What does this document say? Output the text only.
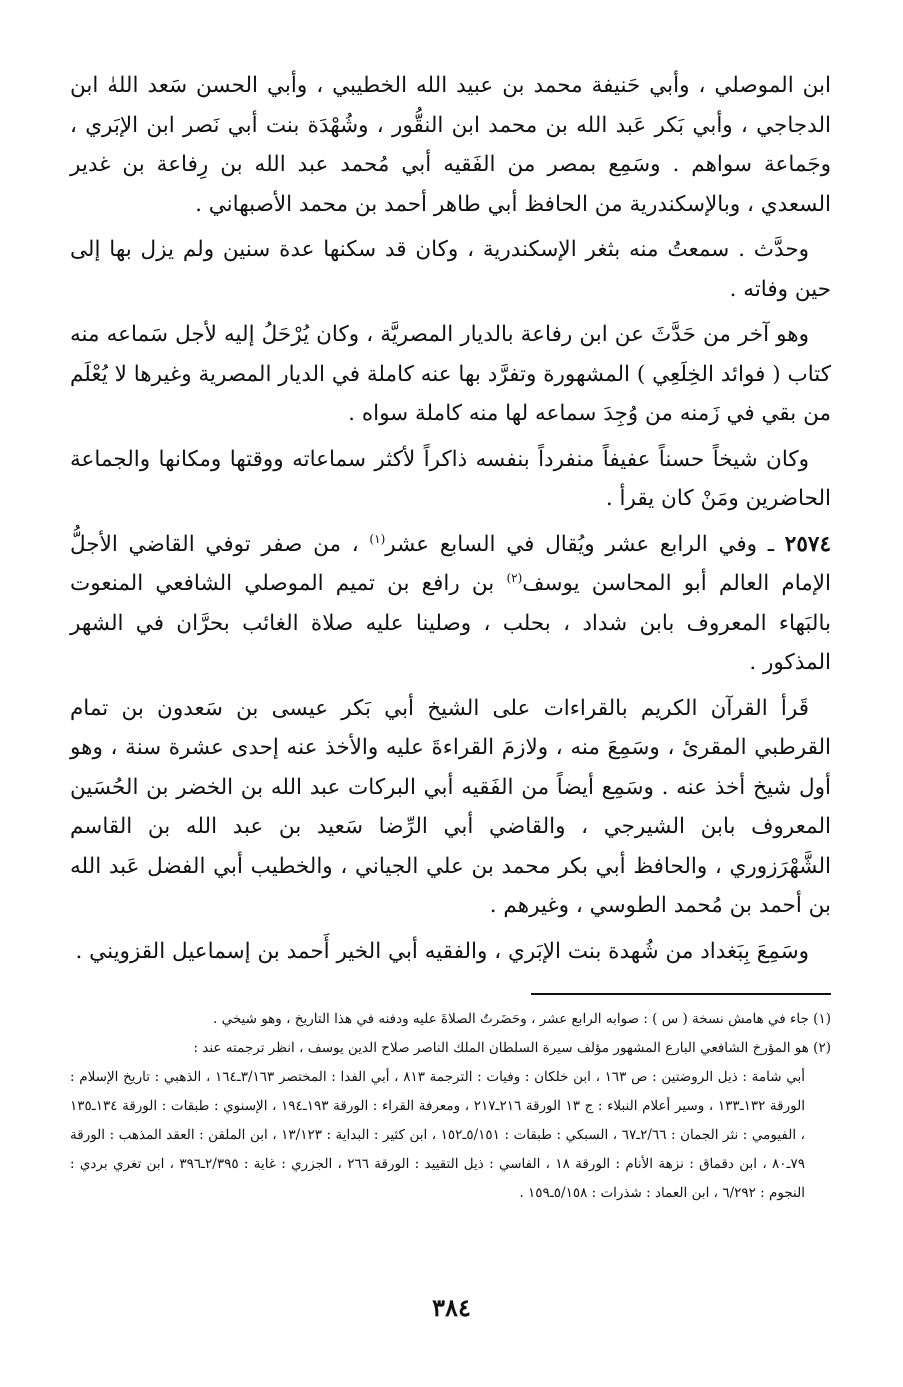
ابن الموصلي ، وأبي حَنيفة محمد بن عبيد الله الخطيبي ، وأبي الحسن سَعد اللهٰ ابن الدجاجي ، وأبي بَكر عَبد الله بن محمد ابن النقُّور ، وشُهْدَة بنت أبي نَصر ابن الإبَري ، وجَماعة سواهم . وسَمِع بمصر من الفَقيه أبي مُحمد عبد الله بن رِفاعة بن غدير السعدي ، وبالإسكندرية من الحافظ أبي طاهر أحمد بن محمد الأصبهاني .

وحدَّث . سمعتُ منه بثغر الإسكندرية ، وكان قد سكنها عدة سنين ولم يزل بها إلى حين وفاته .

وهو آخر من حَدَّثَ عن ابن رفاعة بالديار المصريَّة ، وكان يُرْحَلُ إليه لأجل سَماعه منه كتاب ( فوائد الخِلَعِي ) المشهورة وتفرَّد بها عنه كاملة في الديار المصرية وغيرها لا يُعْلَم من بقي في زَمنه من وُجِدَ سماعه لها منه كاملة سواه .

وكان شيخاً حسناً عفيفاً منفرداً بنفسه ذاكراً لأكثر سماعاته ووقتها ومكانها والجماعة الحاضرين ومَنْ كان يقرأ .

٢٥٧٤ ـ وفي الرابع عشر ويُقال في السابع عشر$^{(١)}$ ، من صفر توفي القاضي الأجلُّ الإمام العالم أبو المحاسن يوسف$^{(٢)}$ بن رافع بن تميم الموصلي الشافعي المنعوت بالبَهاء المعروف بابن شداد ، بحلب ، وصلينا عليه صلاة الغائب بحرَّان في الشهر المذكور .

قَرأ القرآن الكريم بالقراءات على الشيخ أبي بَكر عيسى بن سَعدون بن تمام القرطبي المقرئ ، وسَمِعَ منه ، ولازمَ القراءةَ عليه والأخذ عنه إحدى عشرة سنة ، وهو أول شيخ أخذ عنه . وسَمِع أيضاً من الفَقيه أبي البركات عبد الله بن الخضر بن الحُسَين المعروف بابن الشيرجي ، والقاضي أبي الرِّضا سَعيد بن عبد الله بن القاسم الشَّهْرَزوري ، والحافظ أبي بكر محمد بن علي الجياني ، والخطيب أبي الفضل عَبد الله بن أحمد بن مُحمد الطوسي ، وغيرهم .

وسَمِعَ بِبَغداد من شُهدة بنت الإبَري ، والفقيه أبي الخير أَحمد بن إسماعيل القزويني .

(١) جاء في هامش نسخة ( س ) : صوابه الرابع عشر ، وحَضَرتُ الصلاةَ عليه ودفنه في هذا التاريخ ، وهو شيخي .

(٢) هو المؤرخ الشافعي البارع المشهور مؤلف سيرة السلطان الملك الناصر صلاح الدين يوسف ، انظر ترجمته عند :

أبي شامة : ذيل الروضتين : ص ١٦٣ ، ابن خلكان : وفيات : الترجمة ٨١٣ ، أبي الفدا : المختصر ٣/١٦٣ـ١٦٤ ، الذهبي : تاريخ الإسلام : الورقة ١٣٢ـ١٣٣ ، وسير أعلام النبلاء : ج ١٣ الورقة ٢١٦ـ٢١٧ ، ومعرفة القراء : الورقة ١٩٣ـ١٩٤ ، الإسنوي : طبقات : الورقة ١٣٤ـ١٣٥ ، الفيومي : نثر الجمان : ٢/٦٦ـ٦٧ ، السبكي : طبقات : ٥/١٥١ـ١٥٢ ، ابن كثير : البداية : ١٣/١٢٣ ، ابن الملقن : العقد المذهب : الورقة ٧٩ـ٨٠ ، ابن دقماق : نزهة الأنام : الورقة ١٨ ، الفاسي : ذيل التقييد : الورقة ٢٦٦ ، الجزري : غاية : ٢/٣٩٥ـ٣٩٦ ، ابن تغري بردي : النجوم : ٦/٢٩٢ ، ابن العماد : شذرات : ٥/١٥٨ـ١٥٩ .

٣٨٤
